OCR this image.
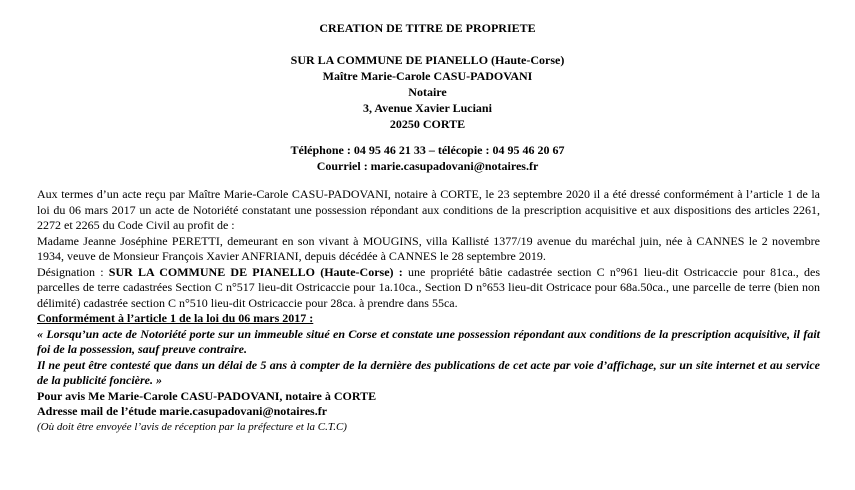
CREATION DE TITRE DE PROPRIETE
SUR LA COMMUNE DE PIANELLO (Haute-Corse)
Maître Marie-Carole CASU-PADOVANI
Notaire
3, Avenue Xavier Luciani
20250 CORTE
Téléphone : 04 95 46 21 33 – télécopie : 04 95 46 20 67
Courriel : marie.casupadovani@notaires.fr

Aux termes d’un acte reçu par Maître Marie-Carole CASU-PADOVANI, notaire à CORTE, le 23 septembre 2020 il a été dressé conformément à l’article 1 de la loi du 06 mars 2017 un acte de Notoriété constatant une possession répondant aux conditions de la prescription acquisitive et aux dispositions des articles 2261, 2272 et 2265 du Code Civil au profit de :

Madame Jeanne Joséphine PERETTI, demeurant en son vivant à MOUGINS, villa Kallisté 1377/19 avenue du maréchal juin, née à CANNES le 2 novembre 1934, veuve de Monsieur François Xavier ANFRIANI, depuis décédée à CANNES le 28 septembre 2019.

Désignation : SUR LA COMMUNE DE PIANELLO (Haute-Corse) : une propriété bâtie cadastrée section C n°961 lieu-dit Ostricaccie pour 81ca., des parcelles de terre cadastrées Section C n°517 lieu-dit Ostricaccie pour 1a.10ca., Section D n°653 lieu-dit Ostricace pour 68a.50ca., une parcelle de terre (bien non délimité) cadastrée section C n°510 lieu-dit Ostricaccie pour 28ca. à prendre dans 55ca.

Conformément à l’article 1 de la loi du 06 mars 2017 :

« Lorsqu’un acte de Notoriété porte sur un immeuble situé en Corse et constate une possession répondant aux conditions de la prescription acquisitive, il fait foi de la possession, sauf preuve contraire.

Il ne peut être contesté que dans un délai de 5 ans à compter de la dernière des publications de cet acte par voie d’affichage, sur un site internet et au service de la publicité foncière. »

Pour avis Me Marie-Carole CASU-PADOVANI, notaire à CORTE

Adresse mail de l’étude marie.casupadovani@notaires.fr

(Où doit être envoyée l’avis de réception par la préfecture et la C.T.C)
